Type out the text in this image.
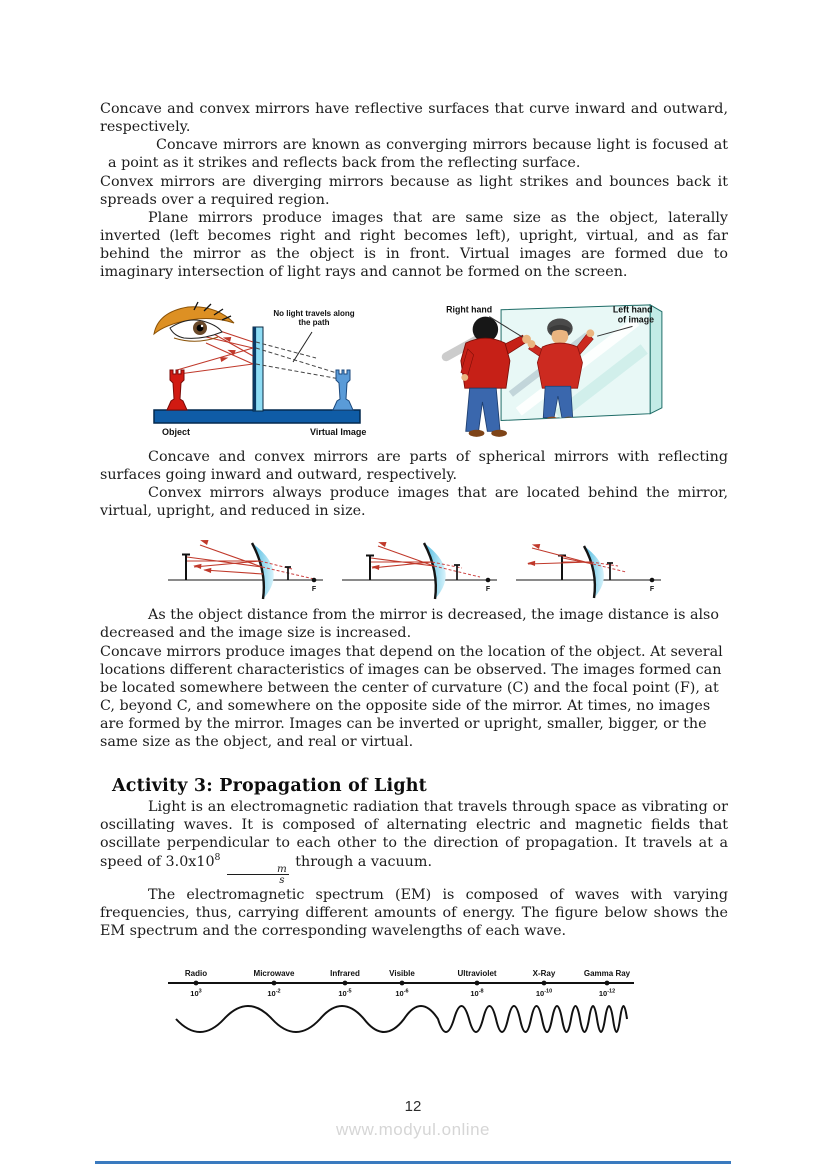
Concave and convex mirrors have reflective surfaces that curve inward and outward, respectively.

Concave mirrors are known as converging mirrors because light is focused at a point as it strikes and reflects back from the reflecting surface.

Convex mirrors are diverging mirrors because as light strikes and bounces back it spreads over a required region.

Plane mirrors produce images that are same size as the object, laterally inverted (left becomes right and right becomes left), upright, virtual, and as far behind the mirror as the object is in front. Virtual images are formed due to imaginary intersection of light rays and cannot be formed on the screen.

No light travels along
the path
Object	Virtual Image
Right hand	Left hand
of image

Concave and convex mirrors are parts of spherical mirrors with reflecting surfaces going inward and outward, respectively.

Convex mirrors always produce images that are located behind the mirror, virtual, upright, and reduced in size.

F	F	F

As the object distance from the mirror is decreased, the image distance is also decreased and the image size is increased.

Concave mirrors produce images that depend on the location of the object. At several locations different characteristics of images can be observed. The images formed can be located somewhere between the center of curvature (C) and the focal point (F), at C, beyond C, and somewhere on the opposite side of the mirror. At times, no images are formed by the mirror. Images can be inverted or upright, smaller, bigger, or the same size as the object, and real or virtual.

Activity 3: Propagation of Light

Light is an electromagnetic radiation that travels through space as vibrating or oscillating waves. It is composed of alternating electric and magnetic fields that oscillate perpendicular to each other to the direction of propagation. It travels at a speed of $3.0x10^8$
$\frac{m}{s}$
through a vacuum.

The electromagnetic spectrum (EM) is composed of waves with varying frequencies, thus, carrying different amounts of energy. The figure below shows the EM spectrum and the corresponding wavelengths of each wave.

Radio	Microwave	Infrared	Visible	Ultraviolet	X-Ray	Gamma Ray
$10^3$	$10^{-2}$	$10^{-5}$	$10^{-6}$	$10^{-8}$	$10^{-10}$	$10^{-12}$
12
www.modyul.online
